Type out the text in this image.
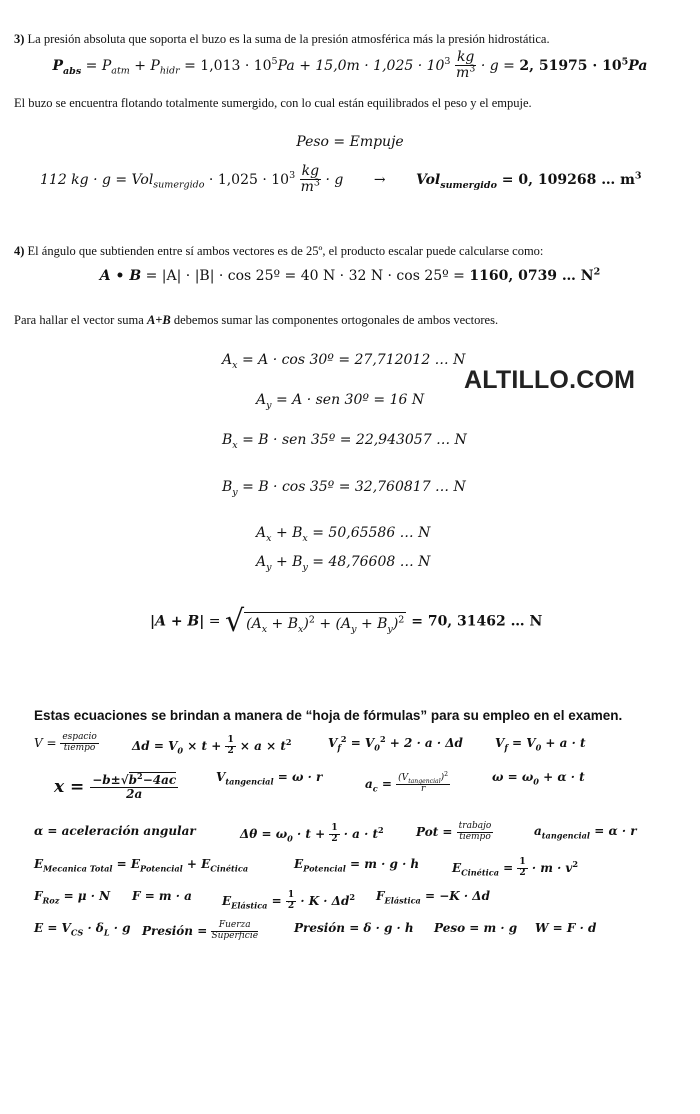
3) La presión absoluta que soporta el buzo es la suma de la presión atmosférica más la presión hidrostática.
$P_{abs} = P_{atm} + P_{hidr} = 1,013 \cdot 10^5Pa + 15,0m \cdot 1,025 \cdot 10^3 \frac{kg}{m^3} \cdot g = 2$, $51975 \cdot 10^5Pa$
El buzo se encuentra flotando totalmente sumergido, con lo cual están equilibrados el peso y el empuje.
Peso = Empuje
112 kg · $g = Vol_{sumergido} \cdot 1,025 \cdot 10^3 \frac{kg}{m^3} \cdot g \to Vol_{sumergido} = 0$, 109268 … $m^3$
4) El ángulo que subtienden entre sí ambos vectores es de 25º, el producto escalar puede calcularse como:
A • B = |A| · |B| · cos 25º = 40 N · 32 N · cos 25º = 1160, 0739 … $N^2$
Para hallar el vector suma A+B debemos sumar las componentes ortogonales de ambos vectores.
$A_x = A \cdot \cos$ 30º = 27,712012 … N
ALTILLO.COM
$A_y = A$ · sen 30º = 16 N
$B_x = B$ · sen 35º = 22,943057 … N
$B_y = B \cdot \cos$ 35º = 32,760817 … N
$A_x + B_x = 50,65586$ … N
$A_y + B_y = 48,76608$ … N
|A + B| = √ $(A_x + B_x)^2 + (A_y + B_y)^2 = 70$, 31462 … N
Estas ecuaciones se brindan a manera de “hoja de fórmulas” para su empleo en el examen.
V = espacio
tiempo	$\Delta d = V_0 \times t + \frac{1}{2} \times a \times t^2$	$V_f^2 = V_0^2 + 2 \cdot a \cdot \Delta d$	$V_f = V_0 + a \cdot t$
$x = \frac{-b\pm√b^2-4ac}{2a}$	$V_{tangencial} = \omega \cdot r$	$a_c = (V_{tangencial})^2$
r
$\omega = \omega_0 + \alpha \cdot t$
α = aceleración angular	$\Delta\theta = \omega_0 \cdot t + \frac{1}{2} \cdot a \cdot t^2$	Pot = trabajo
tiempo	$a_{tangencial} = \alpha \cdot r$
$E_{Mecanica Total} = E_{Potencial} + E_{Cinética}$	$E_{Potencial} = m \cdot g \cdot h$	$E_{Cinética} = \frac{1}{2} \cdot m \cdot v^2$
$F_{Roz} = \mu \cdot N$ F = m · a	$E_{Elástica} = \frac{1}{2} \cdot K \cdot \Delta d^2$ $F_{Elástica} = -K \cdot \Delta d$
$E = V_{CS} \cdot \delta_L \cdot g$ Presión = Fuerza
Superficie
Presión = δ · g · h Peso = m · g W = F · d
